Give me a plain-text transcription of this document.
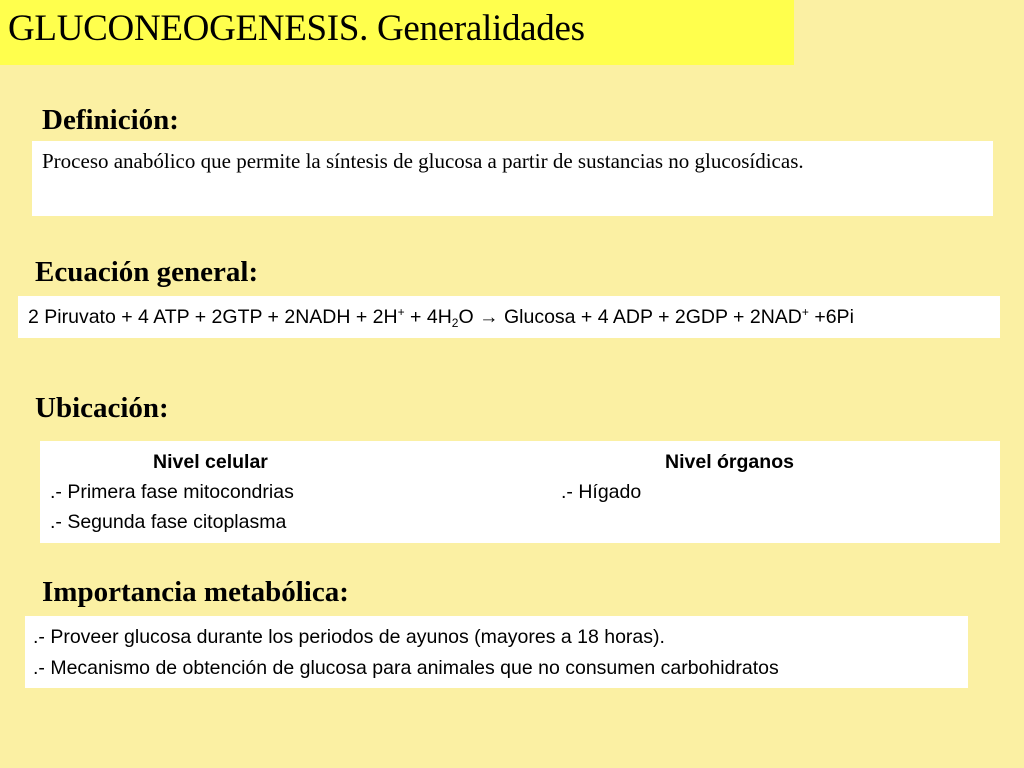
GLUCONEOGENESIS. Generalidades
Definición:
Proceso anabólico que permite la síntesis de glucosa a partir de sustancias no glucosídicas.
Ecuación general:
2 Piruvato + 4 ATP + 2GTP + 2NADH + $2H^+ + 4H_2O \to Glucosa + 4$ ADP + 2GDP + 2NAD+ +6Pi
Ubicación:
Nivel celular
.- Primera fase mitocondrias
.- Segunda fase citoplasma
Nivel órganos
.- Hígado
Importancia metabólica:
.- Proveer glucosa durante los periodos de ayunos (mayores a 18 horas).
.- Mecanismo de obtención de glucosa para animales que no consumen carbohidratos
